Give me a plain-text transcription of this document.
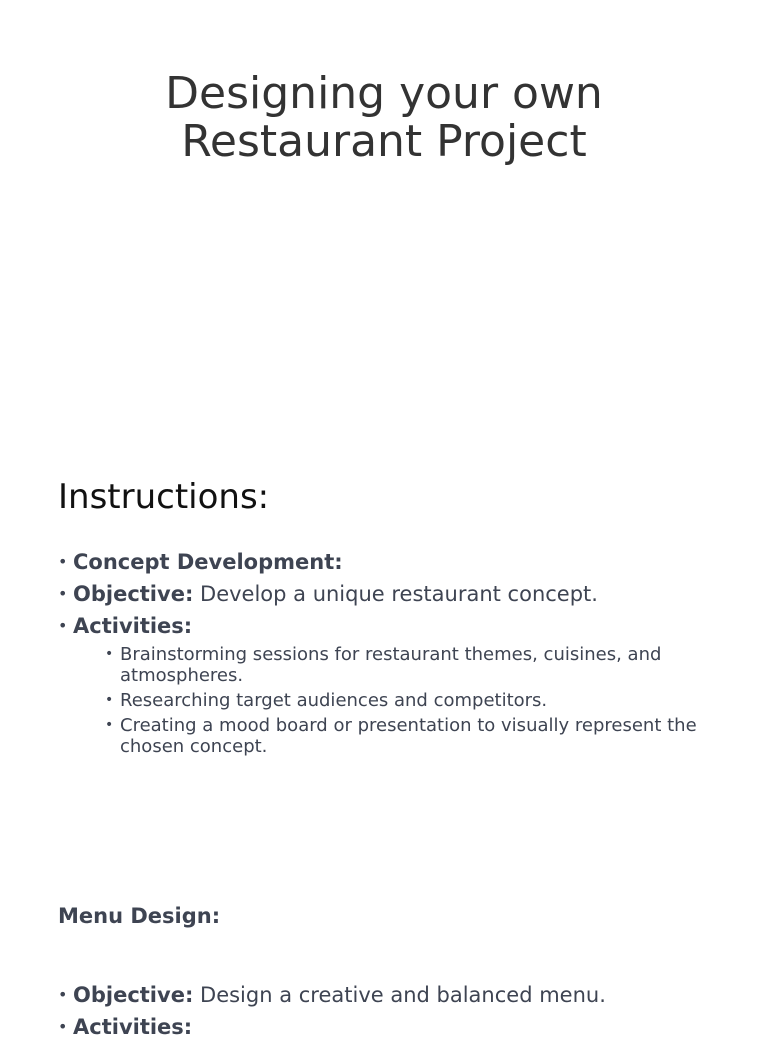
Designing your own
Restaurant Project
Instructions:
• Concept Development:
• Objective: Develop a unique restaurant concept.
• Activities:
• Brainstorming sessions for restaurant themes, cuisines, and atmospheres.
• Researching target audiences and competitors.
• Creating a mood board or presentation to visually represent the chosen concept.
Menu Design:
• Objective: Design a creative and balanced menu.
• Activities:
